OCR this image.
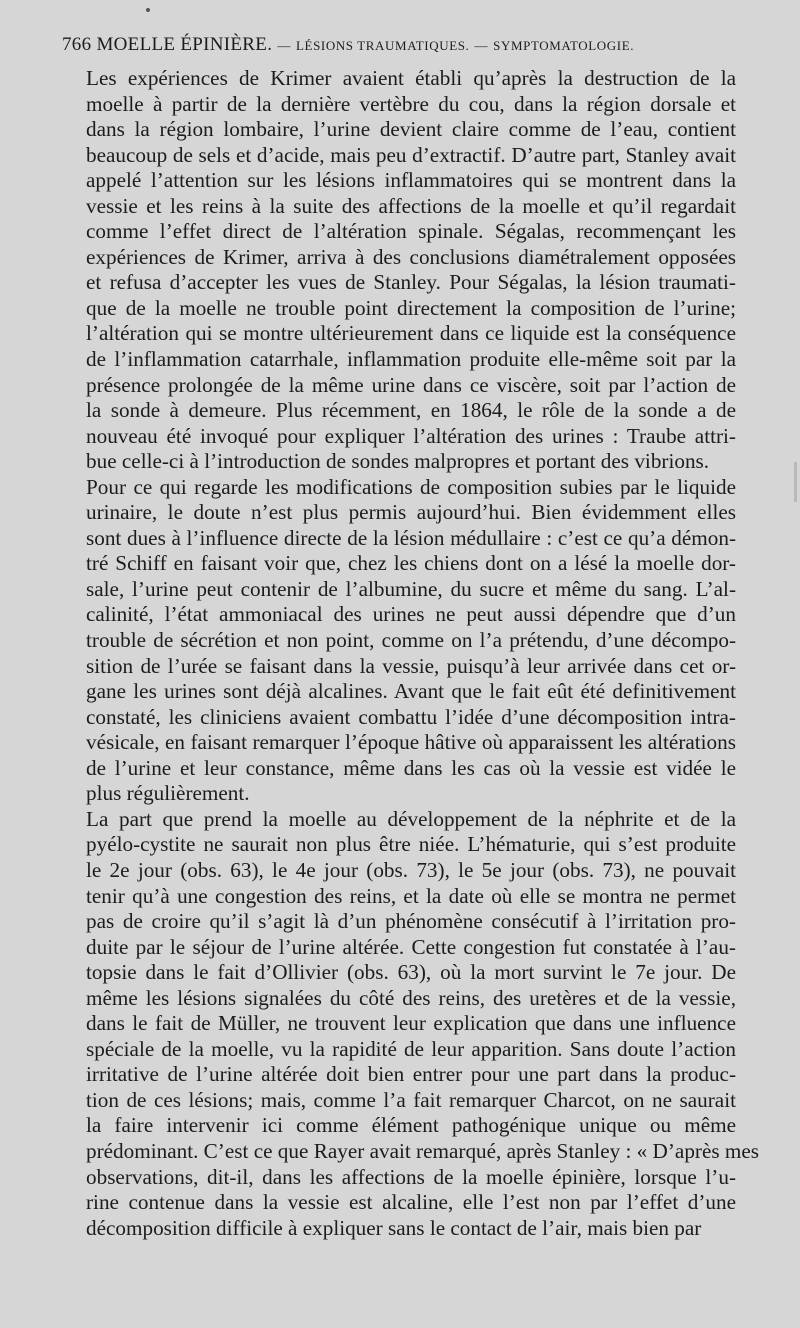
766 MOELLE ÉPINIÈRE. — LÉSIONS TRAUMATIQUES. — SYMPTOMATOLOGIE.

Les expériences de Krimer avaient établi qu’après la destruction de la
moelle à partir de la dernière vertèbre du cou, dans la région dorsale et
dans la région lombaire, l’urine devient claire comme de l’eau, contient
beaucoup de sels et d’acide, mais peu d’extractif. D’autre part, Stanley avait
appelé l’attention sur les lésions inflammatoires qui se montrent dans la
vessie et les reins à la suite des affections de la moelle et qu’il regardait
comme l’effet direct de l’altération spinale. Ségalas, recommençant les
expériences de Krimer, arriva à des conclusions diamétralement opposées
et refusa d’accepter les vues de Stanley. Pour Ségalas, la lésion traumati-
que de la moelle ne trouble point directement la composition de l’urine;
l’altération qui se montre ultérieurement dans ce liquide est la conséquence
de l’inflammation catarrhale, inflammation produite elle-même soit par la
présence prolongée de la même urine dans ce viscère, soit par l’action de
la sonde à demeure. Plus récemment, en 1864, le rôle de la sonde a de
nouveau été invoqué pour expliquer l’altération des urines : Traube attri-
bue celle-ci à l’introduction de sondes malpropres et portant des vibrions.

Pour ce qui regarde les modifications de composition subies par le liquide
urinaire, le doute n’est plus permis aujourd’hui. Bien évidemment elles
sont dues à l’influence directe de la lésion médullaire : c’est ce qu’a démon-
tré Schiff en faisant voir que, chez les chiens dont on a lésé la moelle dor-
sale, l’urine peut contenir de l’albumine, du sucre et même du sang. L’al-
calinité, l’état ammoniacal des urines ne peut aussi dépendre que d’un
trouble de sécrétion et non point, comme on l’a prétendu, d’une décompo-
sition de l’urée se faisant dans la vessie, puisqu’à leur arrivée dans cet or-
gane les urines sont déjà alcalines. Avant que le fait eût été definitivement
constaté, les cliniciens avaient combattu l’idée d’une décomposition intra-
vésicale, en faisant remarquer l’époque hâtive où apparaissent les altérations
de l’urine et leur constance, même dans les cas où la vessie est vidée le
plus régulièrement.

La part que prend la moelle au développement de la néphrite et de la
pyélo-cystite ne saurait non plus être niée. L’hématurie, qui s’est produite
le 2e jour (obs. 63), le 4e jour (obs. 73), le 5e jour (obs. 73), ne pouvait
tenir qu’à une congestion des reins, et la date où elle se montra ne permet
pas de croire qu’il s’agit là d’un phénomène consécutif à l’irritation pro-
duite par le séjour de l’urine altérée. Cette congestion fut constatée à l’au-
topsie dans le fait d’Ollivier (obs. 63), où la mort survint le 7e jour. De
même les lésions signalées du côté des reins, des uretères et de la vessie,
dans le fait de Müller, ne trouvent leur explication que dans une influence
spéciale de la moelle, vu la rapidité de leur apparition. Sans doute l’action
irritative de l’urine altérée doit bien entrer pour une part dans la produc-
tion de ces lésions; mais, comme l’a fait remarquer Charcot, on ne saurait
la faire intervenir ici comme élément pathogénique unique ou même
prédominant. C’est ce que Rayer avait remarqué, après Stanley : « D’après mes
observations, dit-il, dans les affections de la moelle épinière, lorsque l’u-
rine contenue dans la vessie est alcaline, elle l’est non par l’effet d’une
décomposition difficile à expliquer sans le contact de l’air, mais bien par
